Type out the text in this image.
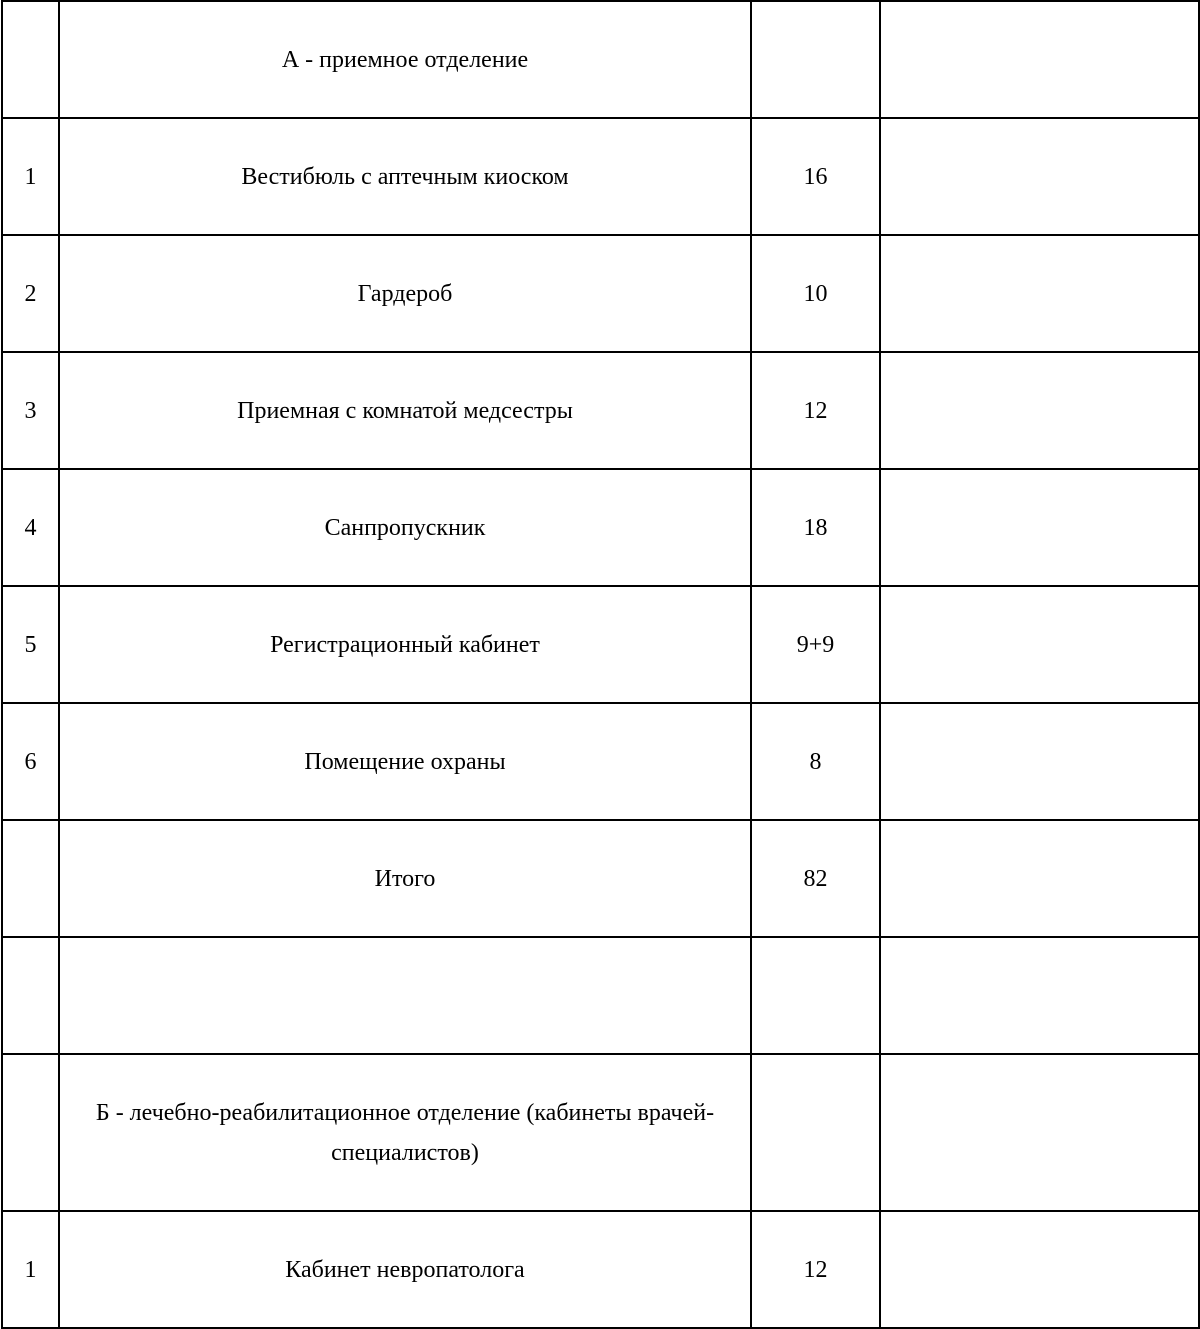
	А - приемное отделение		
1	Вестибюль с аптечным киоском	16	
2	Гардероб	10	
3	Приемная с комнатой медсестры	12	
4	Санпропускник	18	
5	Регистрационный кабинет	9+9	
6	Помещение охраны	8	
	Итого	82	

	Б - лечебно-реабилитационное отделение (кабинеты врачей-специалистов)		
1	Кабинет невропатолога	12	
